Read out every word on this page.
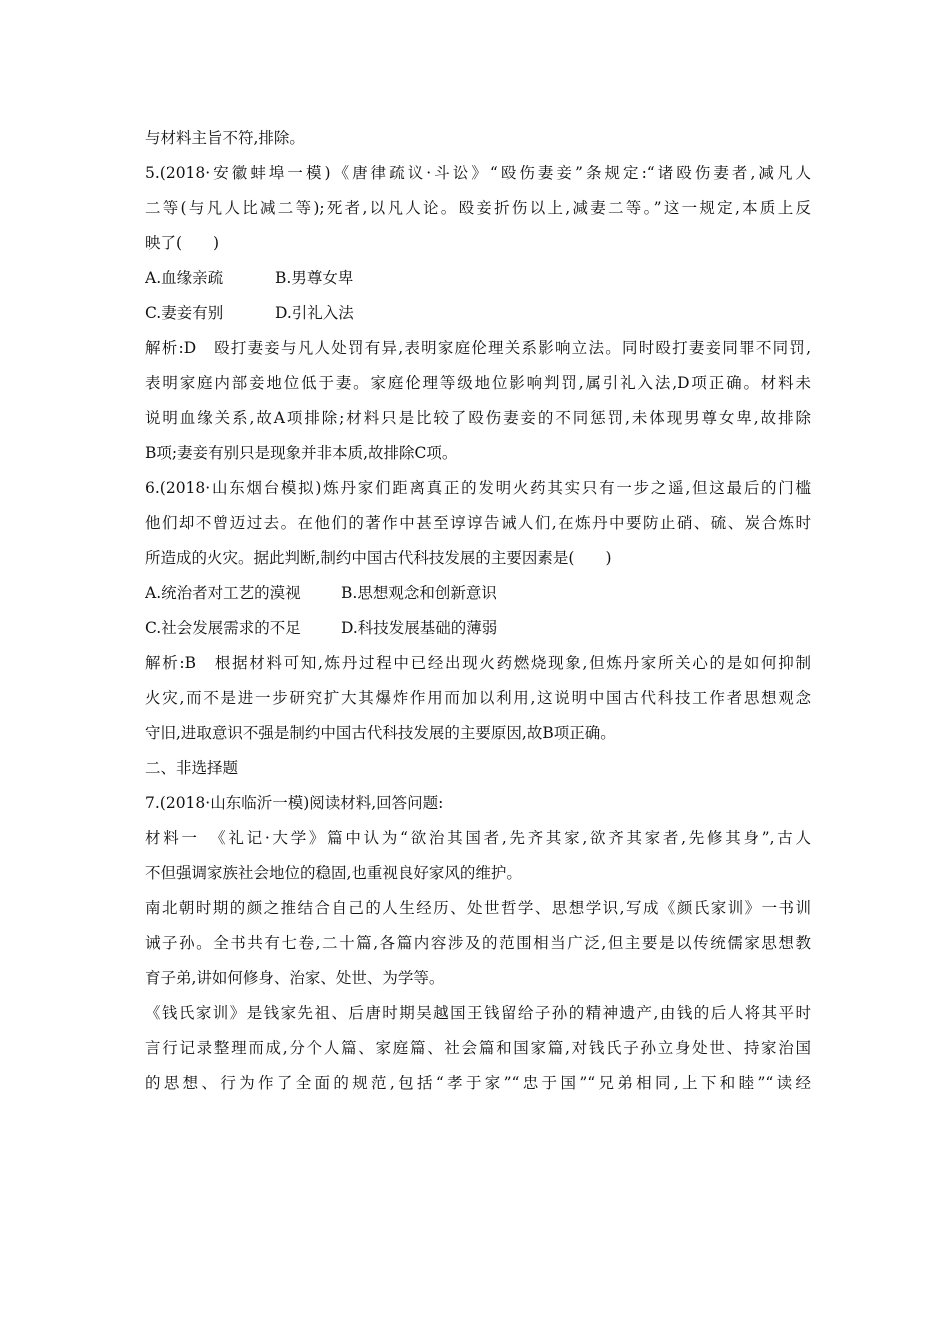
与材料主旨不符,排除。
5.(2018·安徽蚌埠一模)《唐律疏议·斗讼》“殴伤妻妾”条规定:“诸殴伤妻者,减凡人
二等(与凡人比减二等);死者,以凡人论。殴妾折伤以上,减妻二等。”这一规定,本质上反
映了(　　)
A.血缘亲疏	B.男尊女卑
C.妻妾有别	D.引礼入法
解析:D　殴打妻妾与凡人处罚有异,表明家庭伦理关系影响立法。同时殴打妻妾同罪不同罚,
表明家庭内部妾地位低于妻。家庭伦理等级地位影响判罚,属引礼入法,D项正确。材料未
说明血缘关系,故A项排除;材料只是比较了殴伤妻妾的不同惩罚,未体现男尊女卑,故排除
B项;妻妾有别只是现象并非本质,故排除C项。
6.(2018·山东烟台模拟)炼丹家们距离真正的发明火药其实只有一步之遥,但这最后的门槛
他们却不曾迈过去。在他们的著作中甚至谆谆告诫人们,在炼丹中要防止硝、硫、炭合炼时
所造成的火灾。据此判断,制约中国古代科技发展的主要因素是(　　)
A.统治者对工艺的漠视	B.思想观念和创新意识
C.社会发展需求的不足	D.科技发展基础的薄弱
解析:B　根据材料可知,炼丹过程中已经出现火药燃烧现象,但炼丹家所关心的是如何抑制
火灾,而不是进一步研究扩大其爆炸作用而加以利用,这说明中国古代科技工作者思想观念
守旧,进取意识不强是制约中国古代科技发展的主要原因,故B项正确。
二、非选择题
7.(2018·山东临沂一模)阅读材料,回答问题:
材料一　《礼记·大学》篇中认为“欲治其国者,先齐其家,欲齐其家者,先修其身”,古人
不但强调家族社会地位的稳固,也重视良好家风的维护。
南北朝时期的颜之推结合自己的人生经历、处世哲学、思想学识,写成《颜氏家训》一书训
诫子孙。全书共有七卷,二十篇,各篇内容涉及的范围相当广泛,但主要是以传统儒家思想教
育子弟,讲如何修身、治家、处世、为学等。
《钱氏家训》是钱家先祖、后唐时期吴越国王钱留给子孙的精神遗产,由钱的后人将其平时
言行记录整理而成,分个人篇、家庭篇、社会篇和国家篇,对钱氏子孙立身处世、持家治国
的思想、行为作了全面的规范,包括“孝于家”“忠于国”“兄弟相同,上下和睦”“读经
